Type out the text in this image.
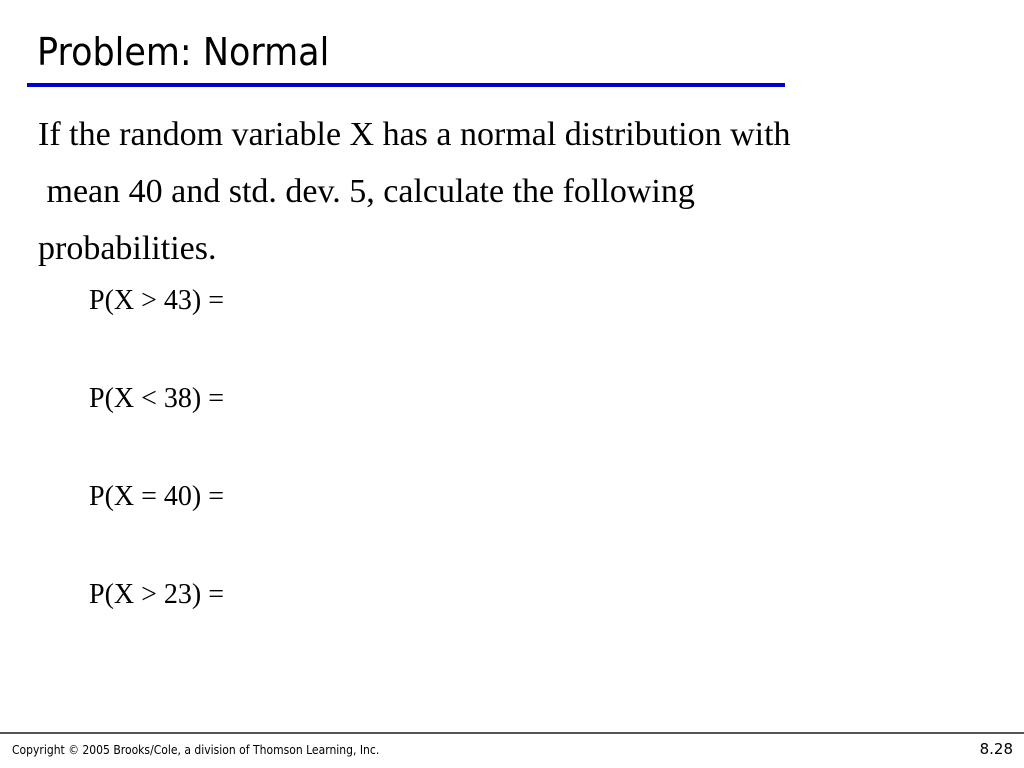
Problem: Normal
If the random variable X has a normal distribution with
mean 40 and std. dev. 5, calculate the following
probabilities.
P(X > 43) =
P(X < 38) =
P(X = 40) =
P(X > 23) =
Copyright © 2005 Brooks/Cole, a division of Thomson Learning, Inc.	8.28
